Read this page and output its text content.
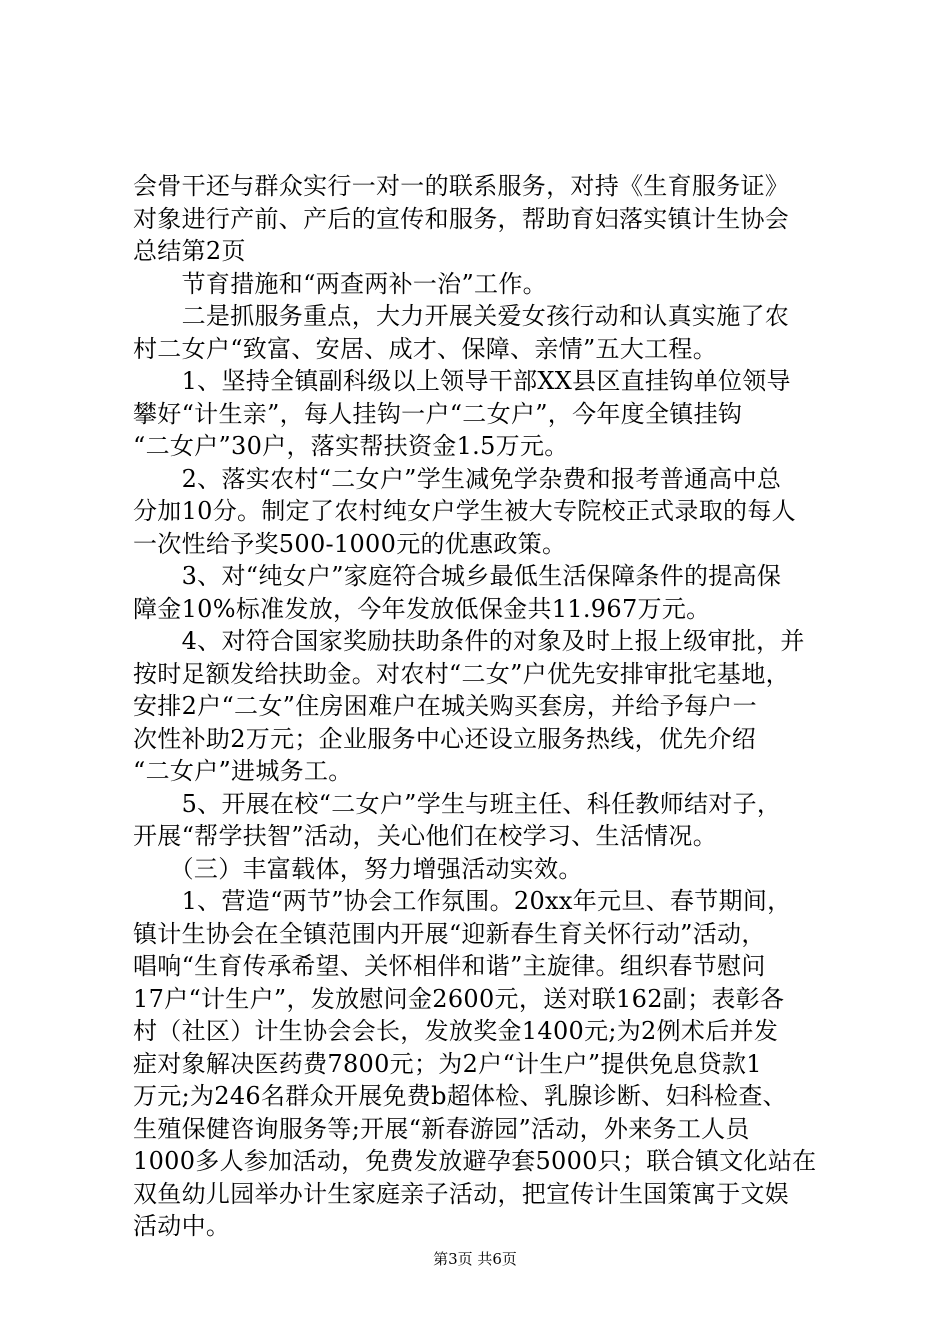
会骨干还与群众实行一对一的联系服务，对持《生育服务证》
对象进行产前、产后的宣传和服务，帮助育妇落实镇计生协会
总结第2页
　　节育措施和“两查两补一治”工作。
　　二是抓服务重点，大力开展关爱女孩行动和认真实施了农
村二女户“致富、安居、成才、保障、亲情”五大工程。
　　1、坚持全镇副科级以上领导干部XX县区直挂钩单位领导
攀好“计生亲”，每人挂钩一户“二女户”，今年度全镇挂钩
“二女户”30户，落实帮扶资金1.5万元。
　　2、落实农村“二女户”学生减免学杂费和报考普通高中总
分加10分。制定了农村纯女户学生被大专院校正式录取的每人
一次性给予奖500-1000元的优惠政策。
　　3、对“纯女户”家庭符合城乡最低生活保障条件的提高保
障金10%标准发放，今年发放低保金共11.967万元。
　　4、对符合国家奖励扶助条件的对象及时上报上级审批，并
按时足额发给扶助金。对农村“二女”户优先安排审批宅基地，
安排2户“二女”住房困难户在城关购买套房，并给予每户一
次性补助2万元；企业服务中心还设立服务热线，优先介绍
“二女户”进城务工。
　　5、开展在校“二女户”学生与班主任、科任教师结对子，
开展“帮学扶智”活动，关心他们在校学习、生活情况。
　　（三）丰富载体，努力增强活动实效。
　　1、营造“两节”协会工作氛围。20xx年元旦、春节期间，
镇计生协会在全镇范围内开展“迎新春生育关怀行动”活动，
唱响“生育传承希望、关怀相伴和谐”主旋律。组织春节慰问
17户“计生户”，发放慰问金2600元，送对联162副；表彰各
村（社区）计生协会会长，发放奖金1400元;为2例术后并发
症对象解决医药费7800元；为2户“计生户”提供免息贷款1
万元;为246名群众开展免费b超体检、乳腺诊断、妇科检查、
生殖保健咨询服务等;开展“新春游园”活动，外来务工人员
1000多人参加活动，免费发放避孕套5000只；联合镇文化站在
双鱼幼儿园举办计生家庭亲子活动，把宣传计生国策寓于文娱
活动中。
第3页 共6页
